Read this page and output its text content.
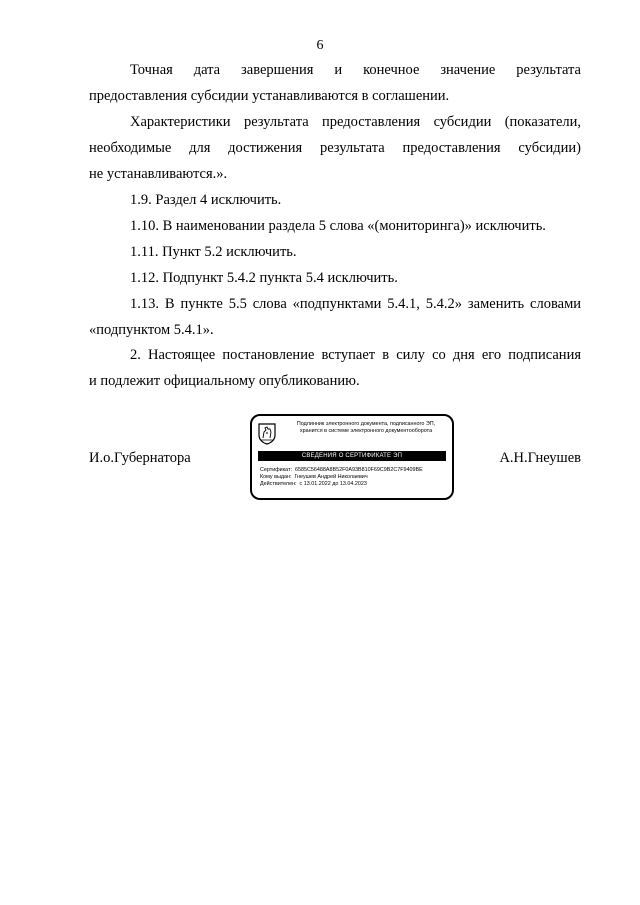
6
Точная дата завершения и конечное значение результата
предоставления субсидии устанавливаются в соглашении.
Характеристики результата предоставления субсидии (показатели,
необходимые для достижения результата предоставления субсидии)
не устанавливаются.».
1.9. Раздел 4 исключить.
1.10. В наименовании раздела 5 слова «(мониторинга)» исключить.
1.11. Пункт 5.2 исключить.
1.12. Подпункт 5.4.2 пункта 5.4 исключить.
1.13. В пункте 5.5 слова «подпунктами 5.4.1, 5.4.2» заменить словами
«подпунктом 5.4.1».
2. Настоящее постановление вступает в силу со дня его подписания
и подлежит официальному опубликованию.
И.о.Губернатора
Подлинник электронного документа, подписанного ЭП,
хранится в системе электронного документооборота
СВЕДЕНИЯ О СЕРТИФИКАТЕ ЭП
Сертификат: 6585C56488A8B52F0A93B810F69C9B2C7F9409BE
Кому выдан: Гнеушев Андрей Николаевич
Действителен: с 13.01.2022 до 13.04.2023
А.Н.Гнеушев
